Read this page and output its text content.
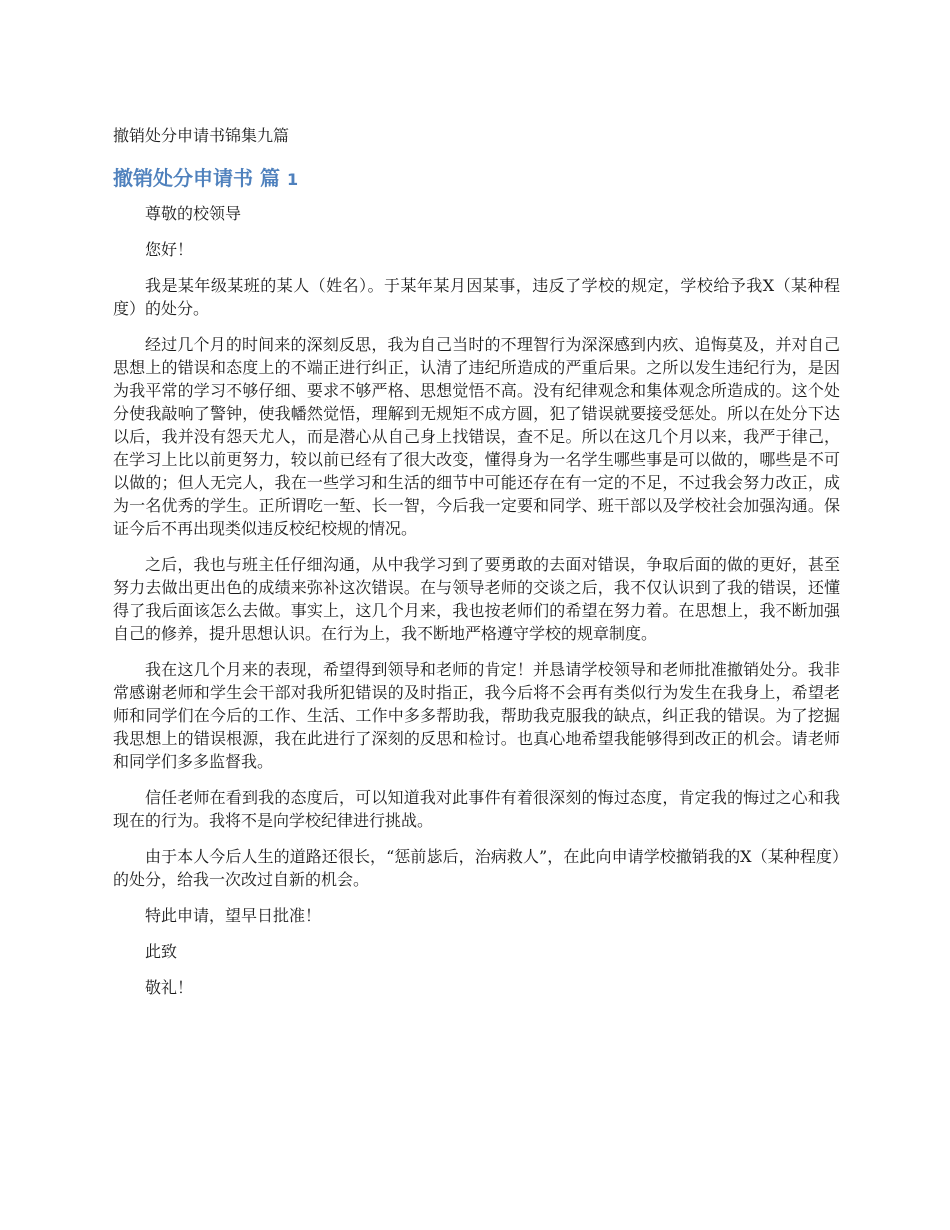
撤销处分申请书锦集九篇
撤销处分申请书 篇 1

尊敬的校领导

您好！

我是某年级某班的某人（姓名）。于某年某月因某事，违反了学校的规定，学校给予我X（某种程度）的处分。

经过几个月的时间来的深刻反思，我为自己当时的不理智行为深深感到内疚、追悔莫及，并对自己思想上的错误和态度上的不端正进行纠正，认清了违纪所造成的严重后果。之所以发生违纪行为，是因为我平常的学习不够仔细、要求不够严格、思想觉悟不高。没有纪律观念和集体观念所造成的。这个处分使我敲响了警钟，使我幡然觉悟，理解到无规矩不成方圆，犯了错误就要接受惩处。所以在处分下达以后，我并没有怨天尤人，而是潜心从自己身上找错误，查不足。所以在这几个月以来，我严于律己，在学习上比以前更努力，较以前已经有了很大改变，懂得身为一名学生哪些事是可以做的，哪些是不可以做的；但人无完人，我在一些学习和生活的细节中可能还存在有一定的不足，不过我会努力改正，成为一名优秀的学生。正所谓吃一堑、长一智，今后我一定要和同学、班干部以及学校社会加强沟通。保证今后不再出现类似违反校纪校规的情况。

之后，我也与班主任仔细沟通，从中我学习到了要勇敢的去面对错误，争取后面的做的更好，甚至努力去做出更出色的成绩来弥补这次错误。在与领导老师的交谈之后，我不仅认识到了我的错误，还懂得了我后面该怎么去做。事实上，这几个月来，我也按老师们的希望在努力着。在思想上，我不断加强自己的修养，提升思想认识。在行为上，我不断地严格遵守学校的规章制度。

我在这几个月来的表现，希望得到领导和老师的肯定！并恳请学校领导和老师批准撤销处分。我非常感谢老师和学生会干部对我所犯错误的及时指正，我今后将不会再有类似行为发生在我身上，希望老师和同学们在今后的工作、生活、工作中多多帮助我，帮助我克服我的缺点，纠正我的错误。为了挖掘我思想上的错误根源，我在此进行了深刻的反思和检讨。也真心地希望我能够得到改正的机会。请老师和同学们多多监督我。

信任老师在看到我的态度后，可以知道我对此事件有着很深刻的悔过态度，肯定我的悔过之心和我现在的行为。我将不是向学校纪律进行挑战。

由于本人今后人生的道路还很长，“惩前毖后，治病救人”，在此向申请学校撤销我的X（某种程度）的处分，给我一次改过自新的机会。

特此申请，望早日批准！

此致

敬礼！
